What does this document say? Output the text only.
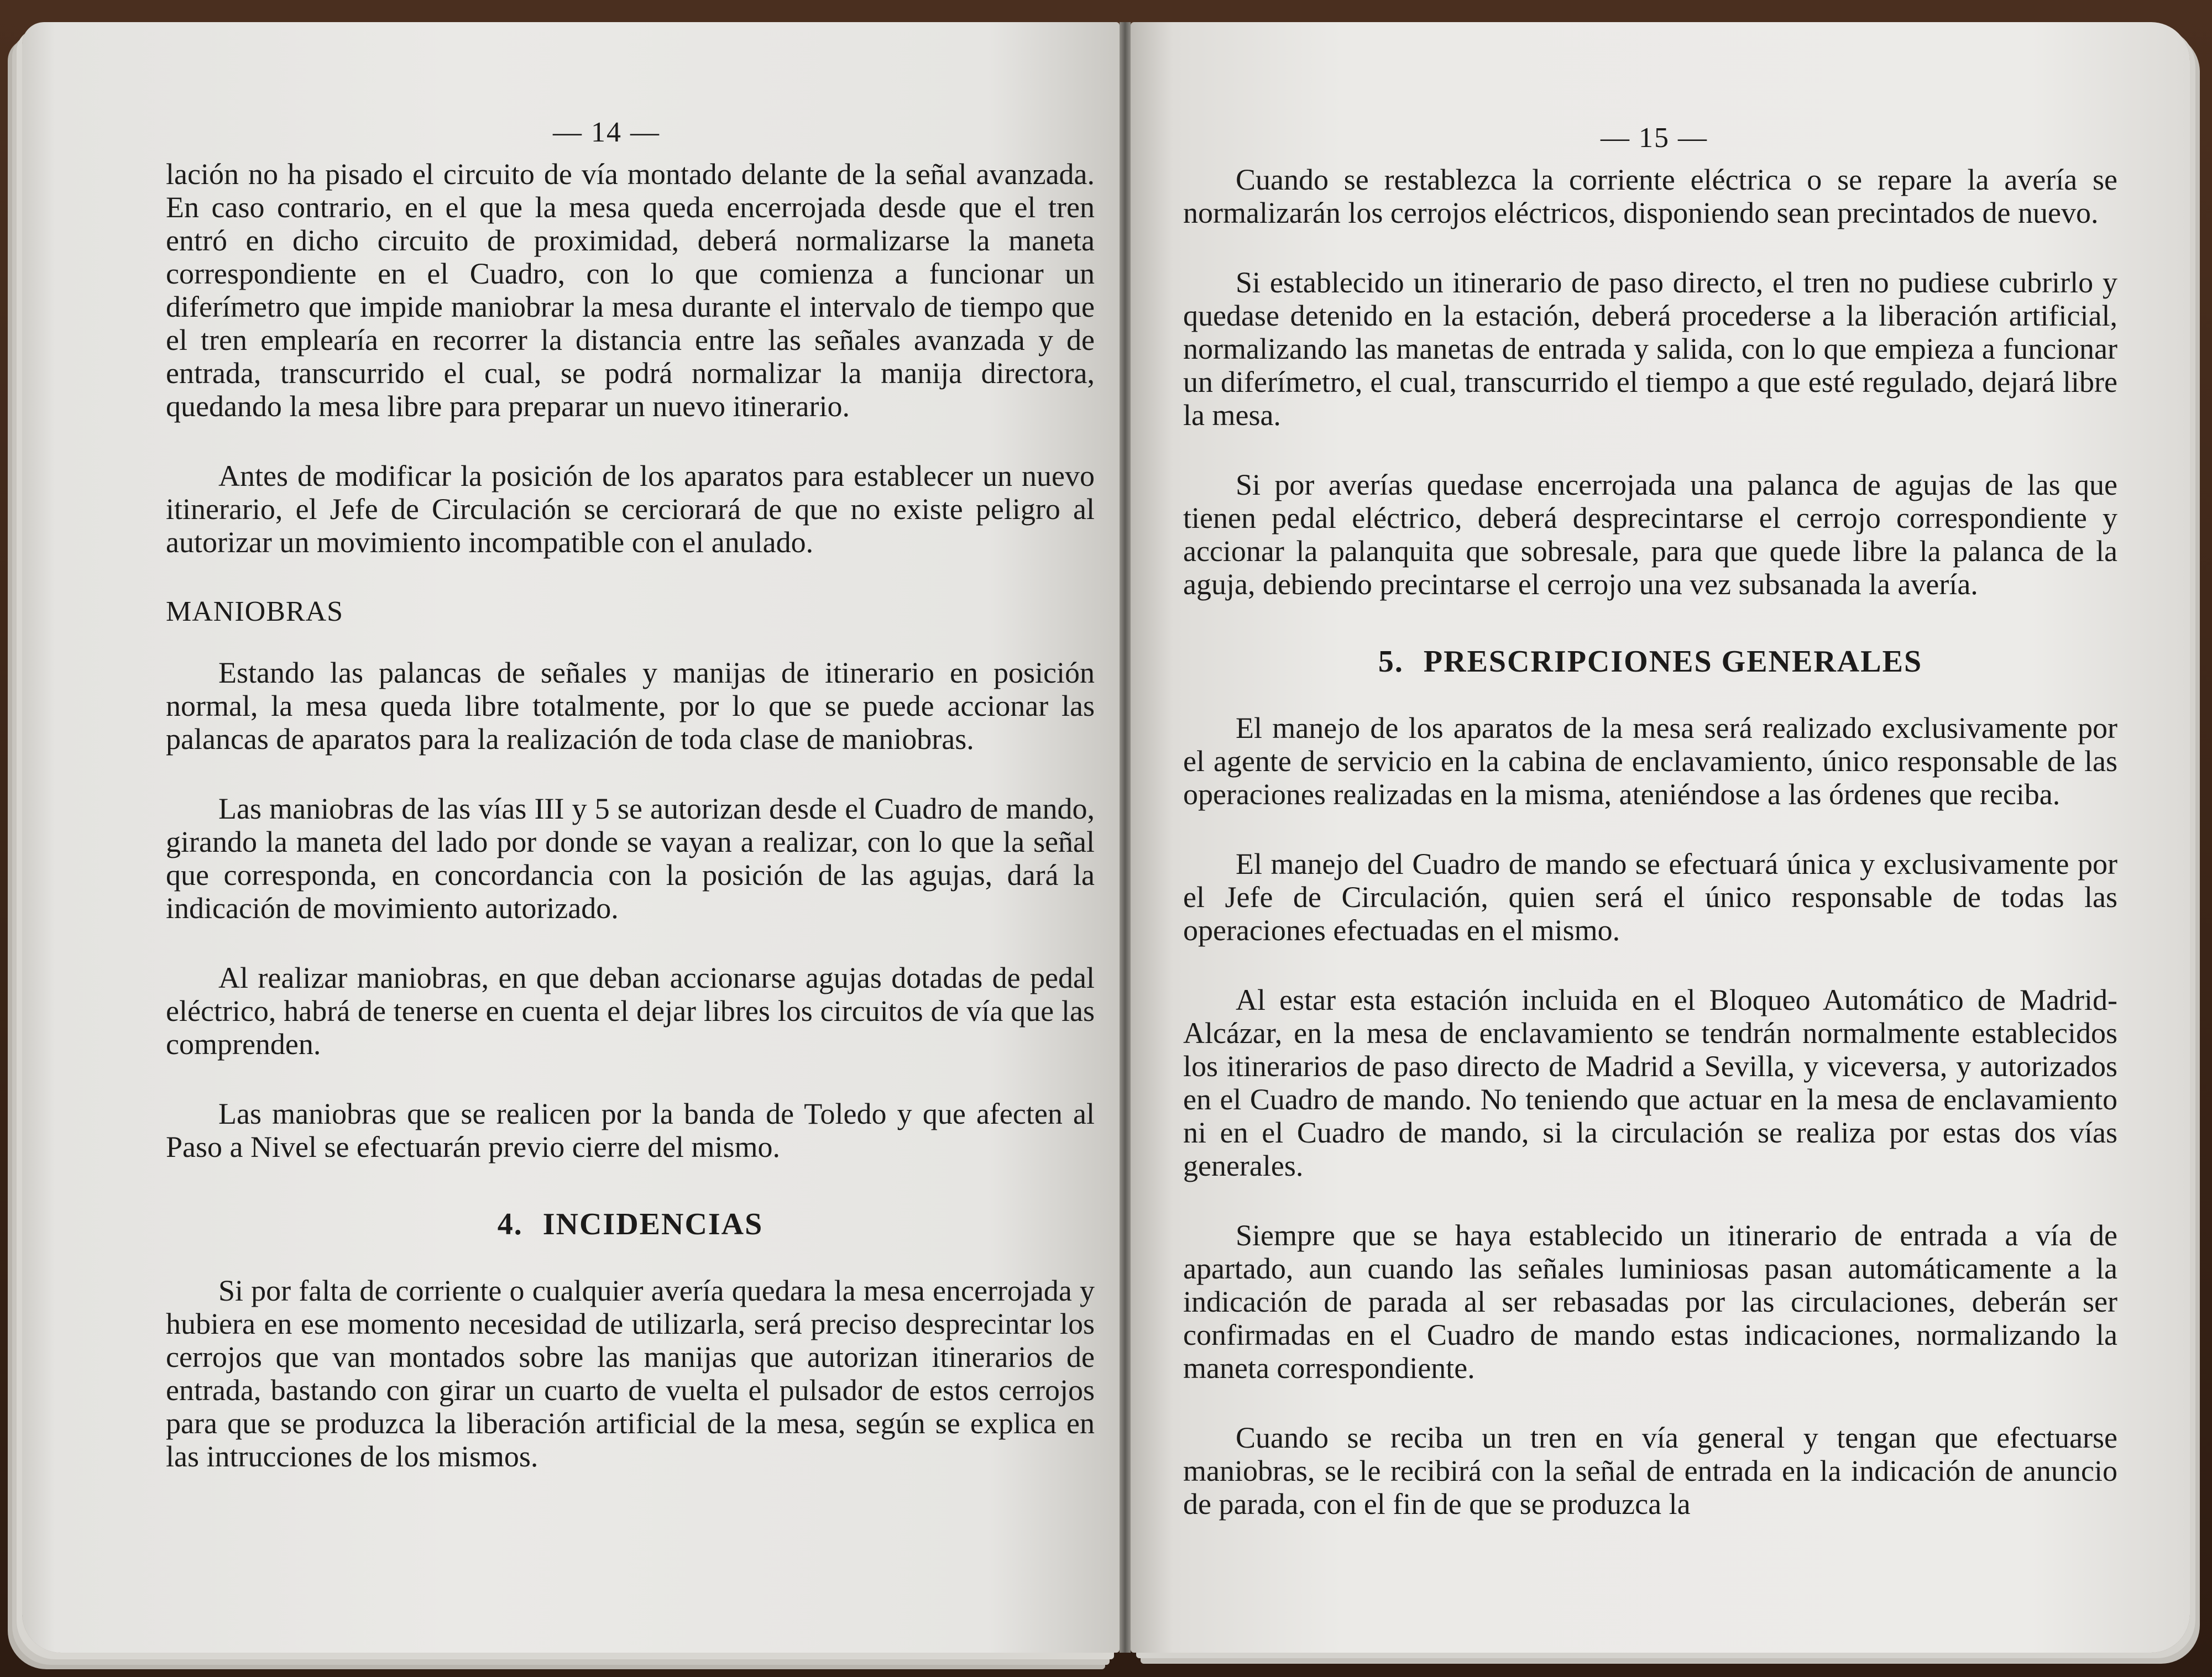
— 14 —

lación no ha pisado el circuito de vía montado delante de la señal avanzada. En caso contrario, en el que la mesa queda encerrojada desde que el tren entró en dicho circuito de proximidad, deberá normalizarse la maneta correspondiente en el Cuadro, con lo que comienza a funcionar un diferímetro que impide maniobrar la mesa durante el intervalo de tiempo que el tren emplearía en recorrer la distancia entre las señales avanzada y de entrada, transcurrido el cual, se podrá normalizar la manija directora, quedando la mesa libre para preparar un nuevo itinerario.

Antes de modificar la posición de los aparatos para establecer un nuevo itinerario, el Jefe de Circulación se cerciorará de que no existe peligro al autorizar un movimiento incompatible con el anulado.

MANIOBRAS

Estando las palancas de señales y manijas de itinerario en posición normal, la mesa queda libre totalmente, por lo que se puede accionar las palancas de aparatos para la realización de toda clase de maniobras.

Las maniobras de las vías III y 5 se autorizan desde el Cuadro de mando, girando la maneta del lado por donde se vayan a realizar, con lo que la señal que corresponda, en concordancia con la posición de las agujas, dará la indicación de movimiento autorizado.

Al realizar maniobras, en que deban accionarse agujas dotadas de pedal eléctrico, habrá de tenerse en cuenta el dejar libres los circuitos de vía que las comprenden.

Las maniobras que se realicen por la banda de Toledo y que afecten al Paso a Nivel se efectuarán previo cierre del mismo.

4. INCIDENCIAS

Si por falta de corriente o cualquier avería quedara la mesa encerrojada y hubiera en ese momento necesidad de utilizarla, será preciso desprecintar los cerrojos que van montados sobre las manijas que autorizan itinerarios de entrada, bastando con girar un cuarto de vuelta el pulsador de estos cerrojos para que se produzca la liberación artificial de la mesa, según se explica en las intrucciones de los mismos.

— 15 —

Cuando se restablezca la corriente eléctrica o se repare la avería se normalizarán los cerrojos eléctricos, disponiendo sean precintados de nuevo.

Si establecido un itinerario de paso directo, el tren no pudiese cubrirlo y quedase detenido en la estación, deberá procederse a la liberación artificial, normalizando las manetas de entrada y salida, con lo que empieza a funcionar un diferímetro, el cual, transcurrido el tiempo a que esté regulado, dejará libre la mesa.

Si por averías quedase encerrojada una palanca de agujas de las que tienen pedal eléctrico, deberá desprecintarse el cerrojo correspondiente y accionar la palanquita que sobresale, para que quede libre la palanca de la aguja, debiendo precintarse el cerrojo una vez subsanada la avería.

5. PRESCRIPCIONES GENERALES

El manejo de los aparatos de la mesa será realizado exclusivamente por el agente de servicio en la cabina de enclavamiento, único responsable de las operaciones realizadas en la misma, ateniéndose a las órdenes que reciba.

El manejo del Cuadro de mando se efectuará única y exclusivamente por el Jefe de Circulación, quien será el único responsable de todas las operaciones efectuadas en el mismo.

Al estar esta estación incluida en el Bloqueo Automático de Madrid-Alcázar, en la mesa de enclavamiento se tendrán normalmente establecidos los itinerarios de paso directo de Madrid a Sevilla, y viceversa, y autorizados en el Cuadro de mando. No teniendo que actuar en la mesa de enclavamiento ni en el Cuadro de mando, si la circulación se realiza por estas dos vías generales.

Siempre que se haya establecido un itinerario de entrada a vía de apartado, aun cuando las señales luminiosas pasan automáticamente a la indicación de parada al ser rebasadas por las circulaciones, deberán ser confirmadas en el Cuadro de mando estas indicaciones, normalizando la maneta correspondiente.

Cuando se reciba un tren en vía general y tengan que efectuarse maniobras, se le recibirá con la señal de entrada en la indicación de anuncio de parada, con el fin de que se produzca la
